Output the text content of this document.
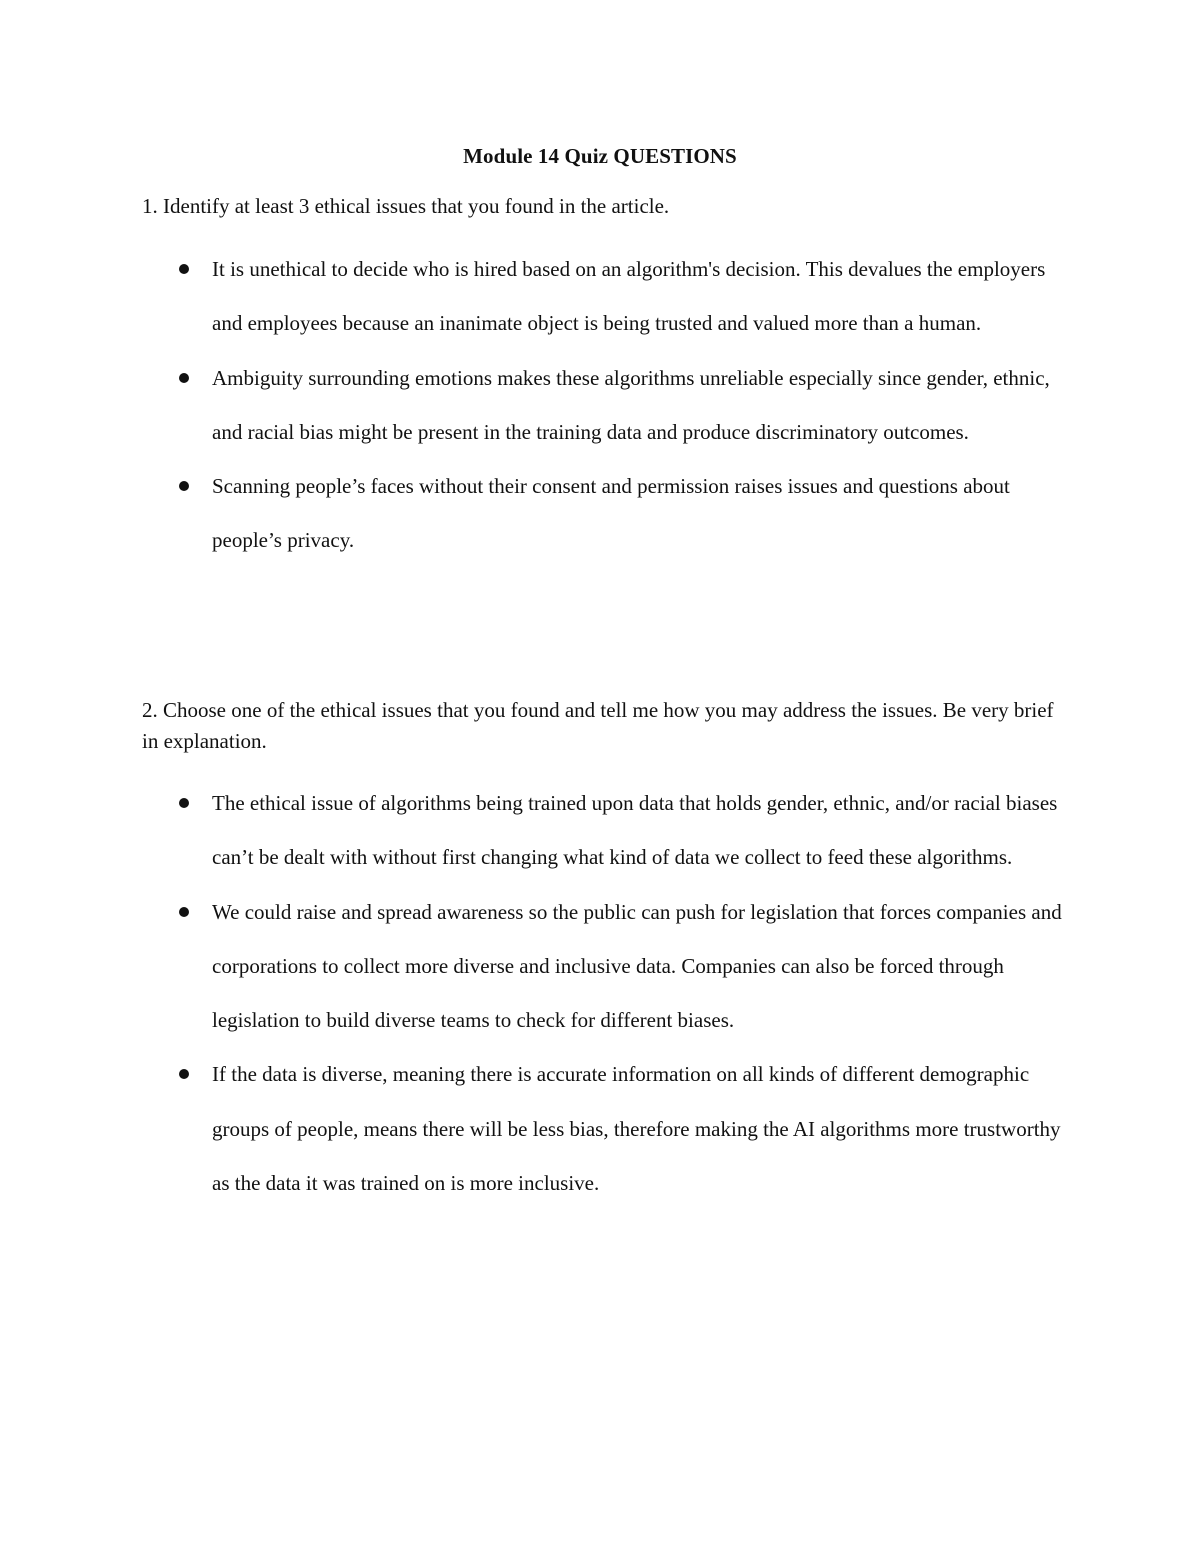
Module 14 Quiz QUESTIONS
1. Identify at least 3 ethical issues that you found in the article.
It is unethical to decide who is hired based on an algorithm's decision. This devalues the employers and employees because an inanimate object is being trusted and valued more than a human.
Ambiguity surrounding emotions makes these algorithms unreliable especially since gender, ethnic, and racial bias might be present in the training data and produce discriminatory outcomes.
Scanning people’s faces without their consent and permission raises issues and questions about people’s privacy.
2. Choose one of the ethical issues that you found and tell me how you may address the issues. Be very brief in explanation.
The ethical issue of algorithms being trained upon data that holds gender, ethnic, and/or racial biases can’t be dealt with without first changing what kind of data we collect to feed these algorithms.
We could raise and spread awareness so the public can push for legislation that forces companies and corporations to collect more diverse and inclusive data. Companies can also be forced through legislation to build diverse teams to check for different biases.
If the data is diverse, meaning there is accurate information on all kinds of different demographic groups of people, means there will be less bias, therefore making the AI algorithms more trustworthy as the data it was trained on is more inclusive.
